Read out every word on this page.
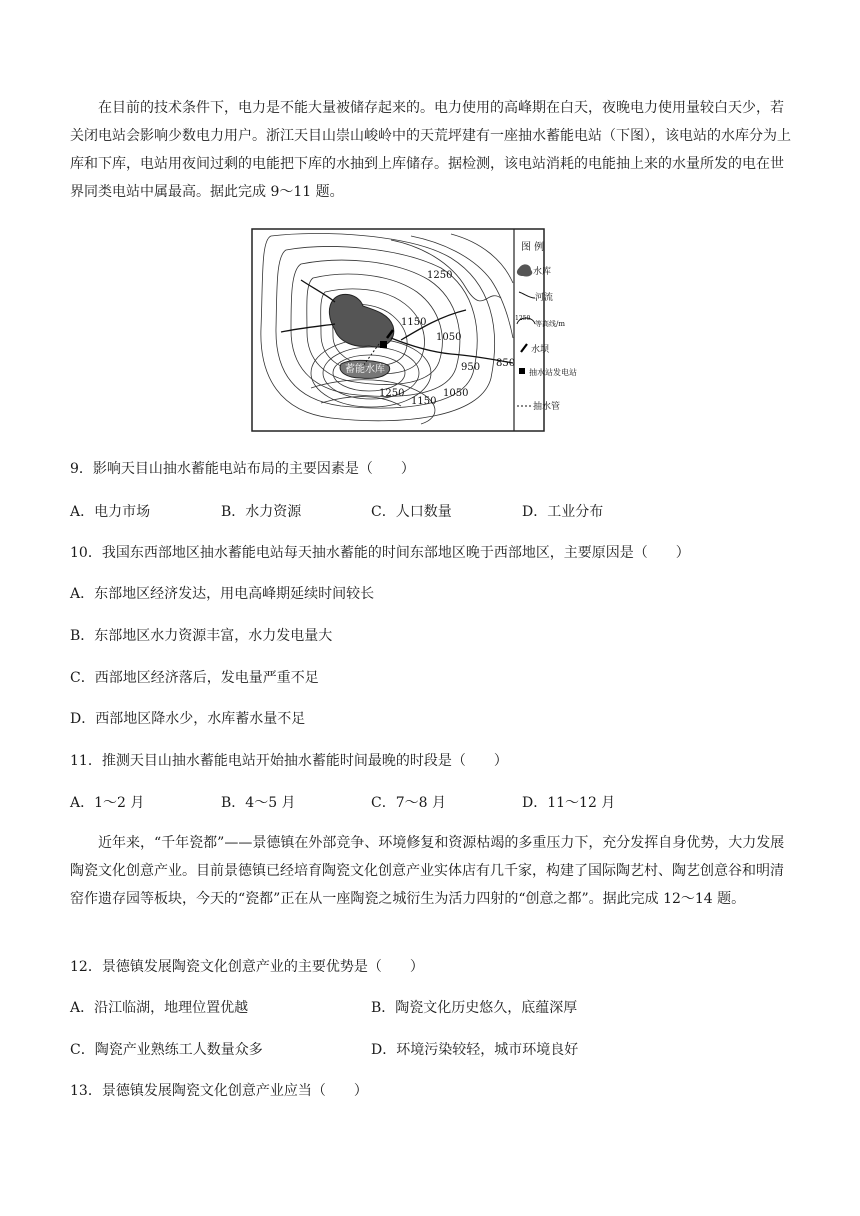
在目前的技术条件下，电力是不能大量被储存起来的。电力使用的高峰期在白天，夜晚电力使用量较白天少，若关闭电站会影响少数电力用户。浙江天目山崇山峻岭中的天荒坪建有一座抽水蓄能电站（下图），该电站的水库分为上库和下库，电站用夜间过剩的电能把下库的水抽到上库储存。据检测，该电站消耗的电能抽上来的水量所发的电在世界同类电站中属最高。据此完成 9～11 题。

1250
1150
1050
950 850
1250
1150
1050
蓄能水库
图 例
水库
河流
1250
等高线/m
水坝
抽水站发电站
抽水管
9．影响天目山抽水蓄能电站布局的主要因素是（　　）
A．电力市场	B．水力资源	C．人口数量	D．工业分布
10．我国东西部地区抽水蓄能电站每天抽水蓄能的时间东部地区晚于西部地区，主要原因是（　　）
A．东部地区经济发达，用电高峰期延续时间较长
B．东部地区水力资源丰富，水力发电量大
C．西部地区经济落后，发电量严重不足
D．西部地区降水少，水库蓄水量不足
11．推测天目山抽水蓄能电站开始抽水蓄能时间最晚的时段是（　　）
A．1～2 月	B．4～5 月	C．7～8 月	D．11～12 月

近年来，“千年瓷都”——景德镇在外部竞争、环境修复和资源枯竭的多重压力下，充分发挥自身优势，大力发展陶瓷文化创意产业。目前景德镇已经培育陶瓷文化创意产业实体店有几千家，构建了国际陶艺村、陶艺创意谷和明清窑作遗存园等板块，今天的“瓷都”正在从一座陶瓷之城衍生为活力四射的“创意之都”。据此完成 12～14 题。

12．景德镇发展陶瓷文化创意产业的主要优势是（　　）
A．沿江临湖，地理位置优越	B．陶瓷文化历史悠久，底蕴深厚
C．陶瓷产业熟练工人数量众多	D．环境污染较轻，城市环境良好
13．景德镇发展陶瓷文化创意产业应当（　　）
